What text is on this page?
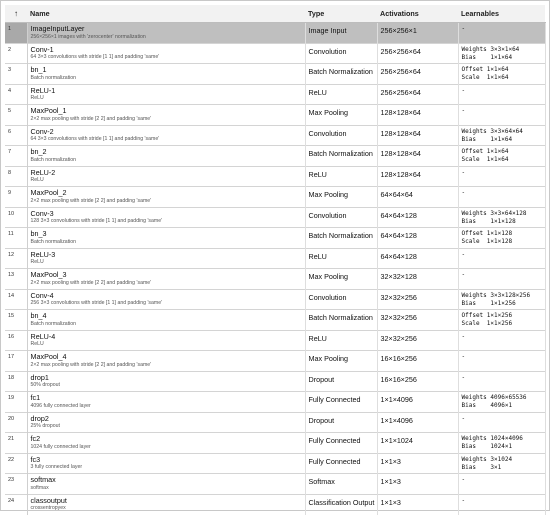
↑	Name	Type	Activations	Learnables
1	ImageInputLayer
256×256×1 images with 'zerocenter' normalization	Image Input	256×256×1	-

2	Conv-1
64 3×3 convolutions with stride [1 1] and padding 'same'	Convolution	256×256×64	Weights 3×3×1×64
Bias    1×1×64

3	bn_1
Batch normalization	Batch Normalization	256×256×64	Offset 1×1×64
Scale  1×1×64

4	ReLU-1
ReLU	ReLU	256×256×64	-

5	MaxPool_1
2×2 max pooling with stride [2 2] and padding 'same'	Max Pooling	128×128×64	-

6	Conv-2
64 3×3 convolutions with stride [1 1] and padding 'same'	Convolution	128×128×64	Weights 3×3×64×64
Bias    1×1×64

7	bn_2
Batch normalization	Batch Normalization	128×128×64	Offset 1×1×64
Scale  1×1×64

8	ReLU-2
ReLU	ReLU	128×128×64	-

9	MaxPool_2
2×2 max pooling with stride [2 2] and padding 'same'	Max Pooling	64×64×64	-

10	Conv-3
128 3×3 convolutions with stride [1 1] and padding 'same'	Convolution	64×64×128	Weights 3×3×64×128
Bias    1×1×128

11	bn_3
Batch normalization	Batch Normalization	64×64×128	Offset 1×1×128
Scale  1×1×128

12	ReLU-3
ReLU	ReLU	64×64×128	-

13	MaxPool_3
2×2 max pooling with stride [2 2] and padding 'same'	Max Pooling	32×32×128	-

14	Conv-4
256 3×3 convolutions with stride [1 1] and padding 'same'	Convolution	32×32×256	Weights 3×3×128×256
Bias    1×1×256

15	bn_4
Batch normalization	Batch Normalization	32×32×256	Offset 1×1×256
Scale  1×1×256

16	ReLU-4
ReLU	ReLU	32×32×256	-

17	MaxPool_4
2×2 max pooling with stride [2 2] and padding 'same'	Max Pooling	16×16×256	-

18	drop1
50% dropout	Dropout	16×16×256	-

19	fc1
4096 fully connected layer	Fully Connected	1×1×4096	Weights 4096×65536
Bias    4096×1

20	drop2
25% dropout	Dropout	1×1×4096	-

21	fc2
1024 fully connected layer	Fully Connected	1×1×1024	Weights 1024×4096
Bias    1024×1

22	fc3
3 fully connected layer	Fully Connected	1×1×3	Weights 3×1024
Bias    3×1

23	softmax
softmax	Softmax	1×1×3	-

24	classoutput
crossentropyex	Classification Output	1×1×3	-
